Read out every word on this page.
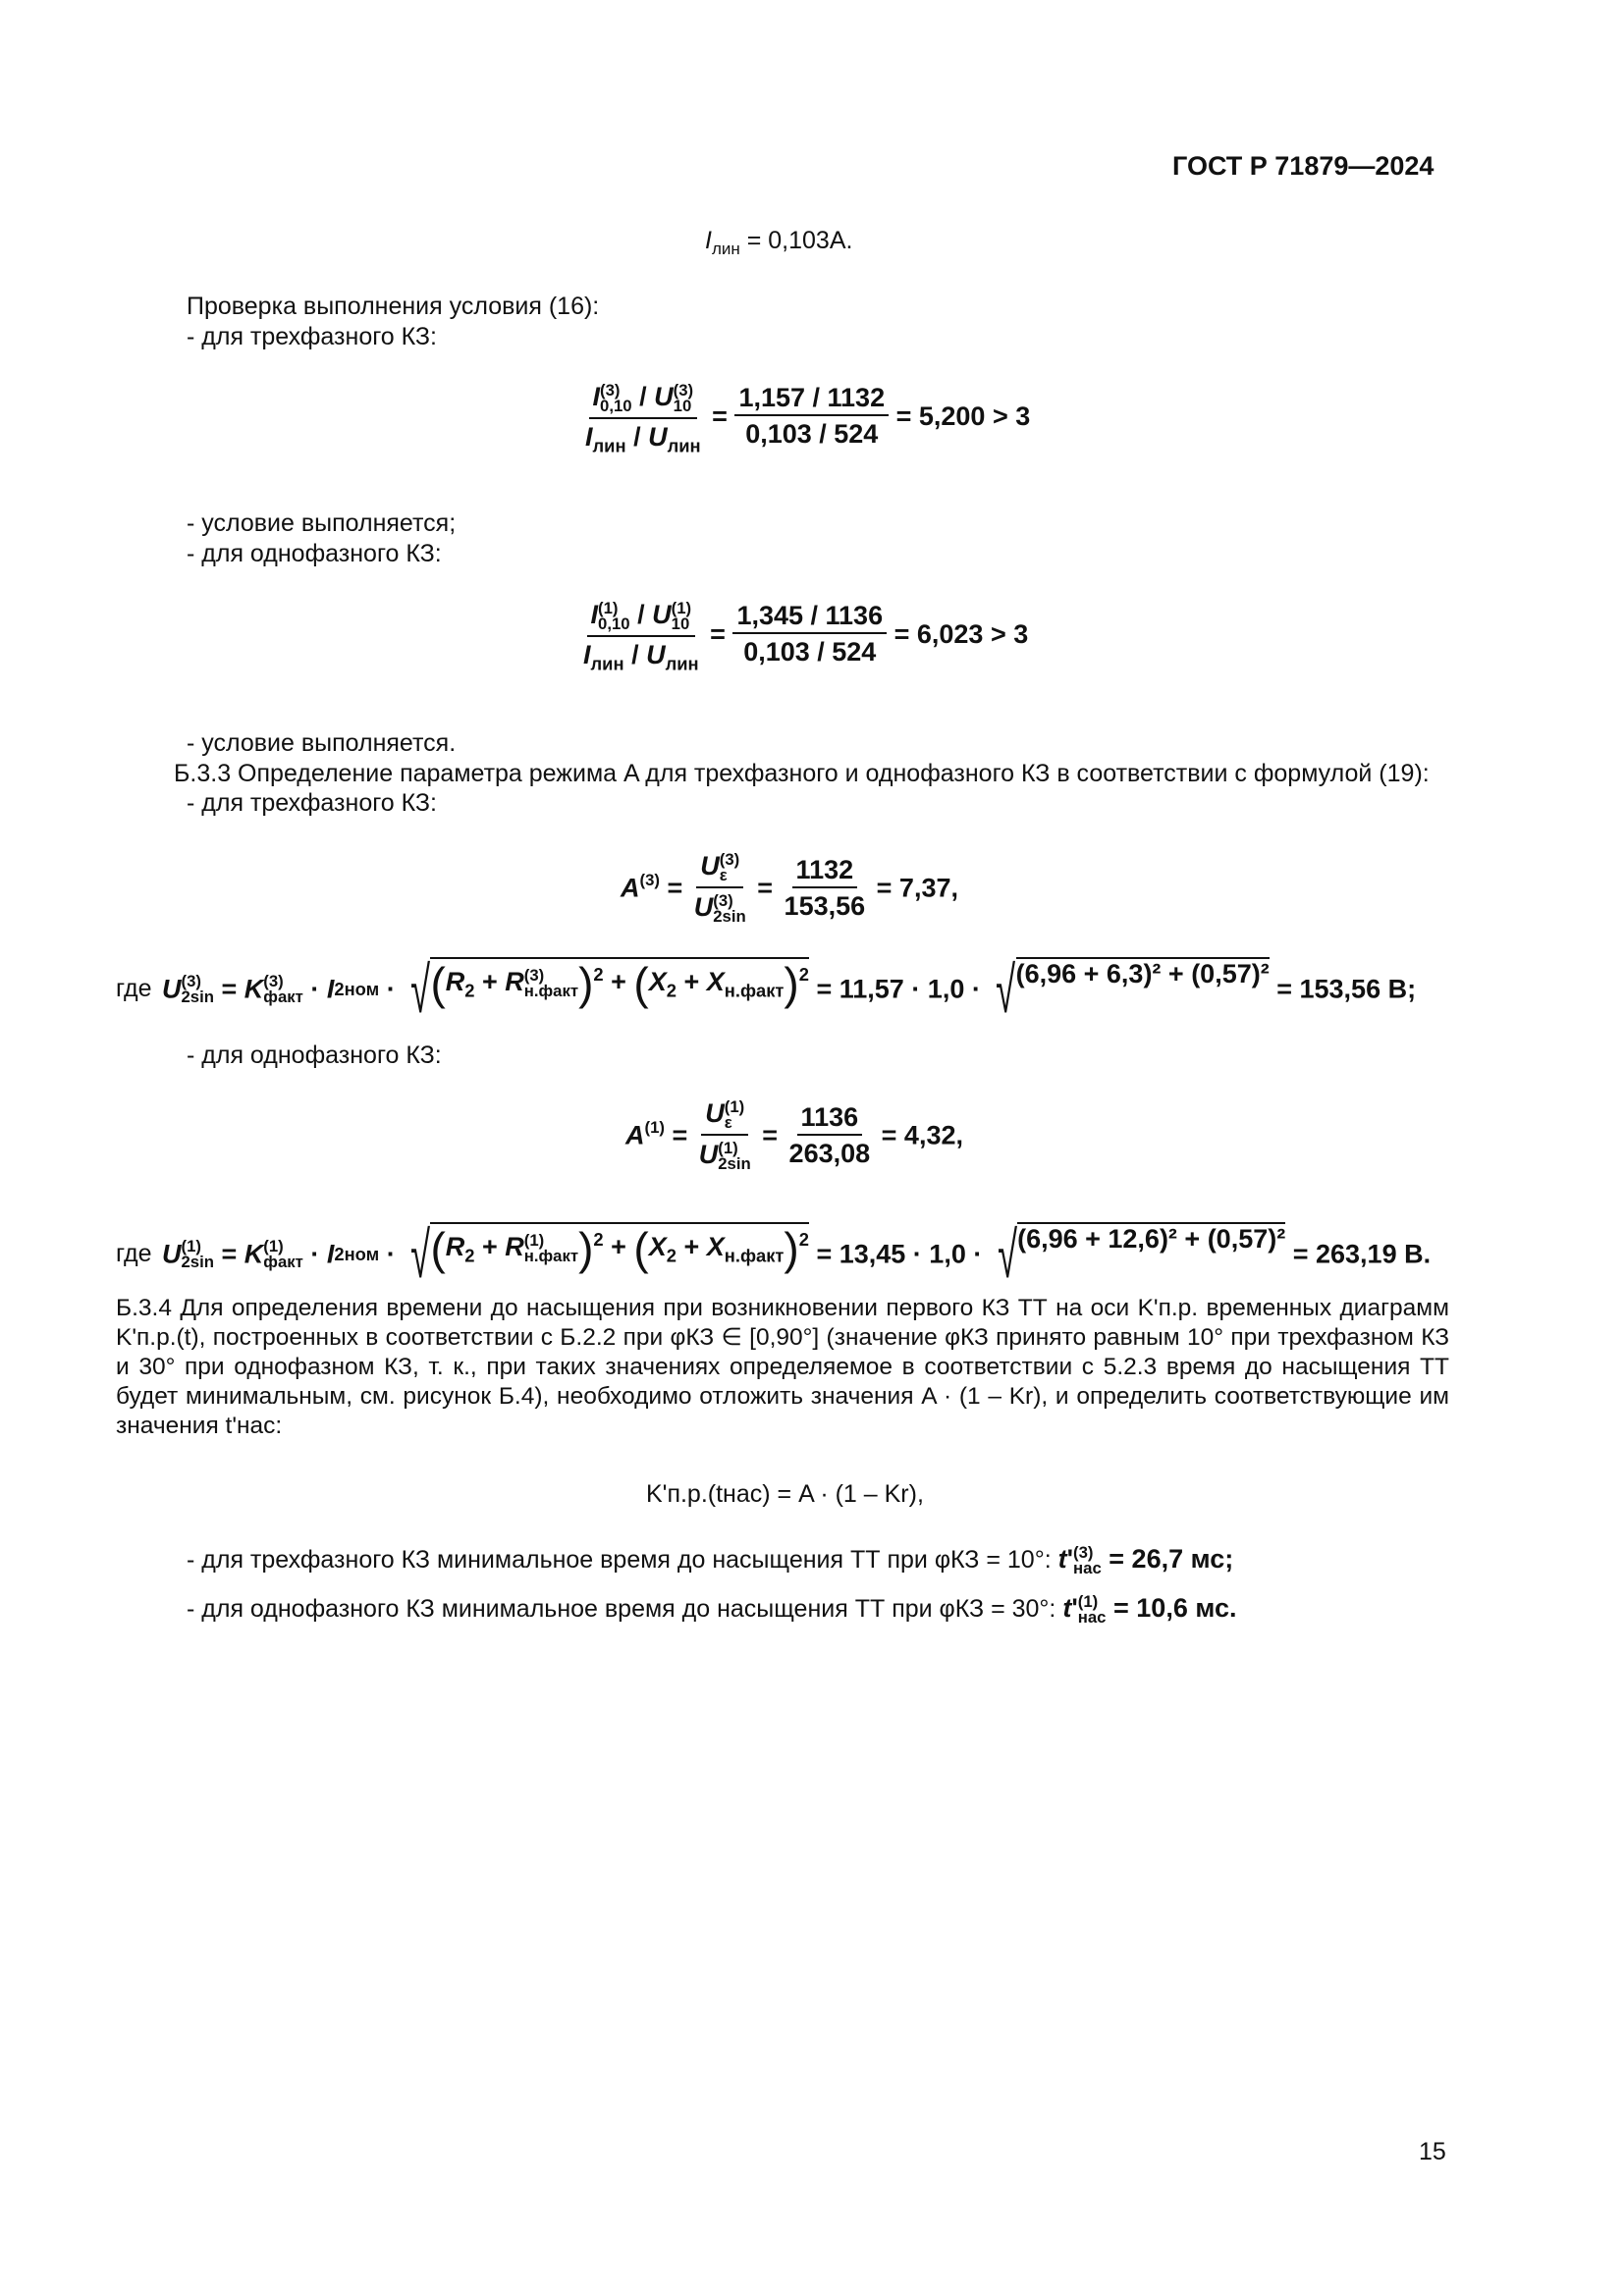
ГОСТ Р 71879—2024
$I_{лин} = 0,103А$.
Проверка выполнения условия (16):
- для трехфазного КЗ:
I(3)
0,10 / U(3)
10
$I_{лин} / U_{лин}$
= $\frac{1,157 / 1132}{0,103 / 524} = 5,200 > 3$
- условие выполняется;
- для однофазного КЗ:
I(1)
0,10 / U(1)
10
$I_{лин} / U_{лин}$
= $\frac{1,345 / 1136}{0,103 / 524} = 6,023 > 3$
- условие выполняется.
Б.3.3 Определение параметра режима A для трехфазного и однофазного КЗ в соответствии с формулой (19):
- для трехфазного КЗ:
A(3) =
U(3)
ε
U(3)
2sin
= $\frac{1132}{153,56} = 7,37$,
где U(3)
2sin = K(3)
факт · I2ном · √ ($R_2 + R(3)$
н.факт)$^2$ + $(X_2 + X_{н.факт})^2 = 11,57 \cdot 1,0$ · √ (6,96 + 6,3)² + (0,57)²
= 153,56 В;
- для однофазного КЗ:
A(1) =
U(1)
ε
U(1)
2sin
= $\frac{1136}{263,08} = 4,32$,
где U(1)
2sin = K(1)
факт · I2ном · √ ($R_2 + R(1)$
н.факт)$^2$ + $(X_2 + X_{н.факт})^2 = 13,45 \cdot 1,0$ · √ (6,96 + 12,6)² + (0,57)²
= 263,19 В.
Б.3.4 Для определения времени до насыщения при возникновении первого КЗ ТТ на оси K'п.р. временных диаграмм K'п.р.(t), построенных в соответствии с Б.2.2 при φКЗ ∈ [0,90°] (значение φКЗ принято равным 10° при трехфазном КЗ и 30° при однофазном КЗ, т. к., при таких значениях определяемое в соответствии с 5.2.3 время до насыщения ТТ будет минимальным, см. рисунок Б.4), необходимо отложить значения A · (1 – Kr), и определить соответствующие им значения t'нас:
K'п.р.(tнас) = A · (1 – Kr),
- для трехфазного КЗ минимальное время до насыщения ТТ при φКЗ = 10°: t'(3)
нас = 26,7 мс;
- для однофазного КЗ минимальное время до насыщения ТТ при φКЗ = 30°: t'(1)
нас = 10,6 мс.
15
